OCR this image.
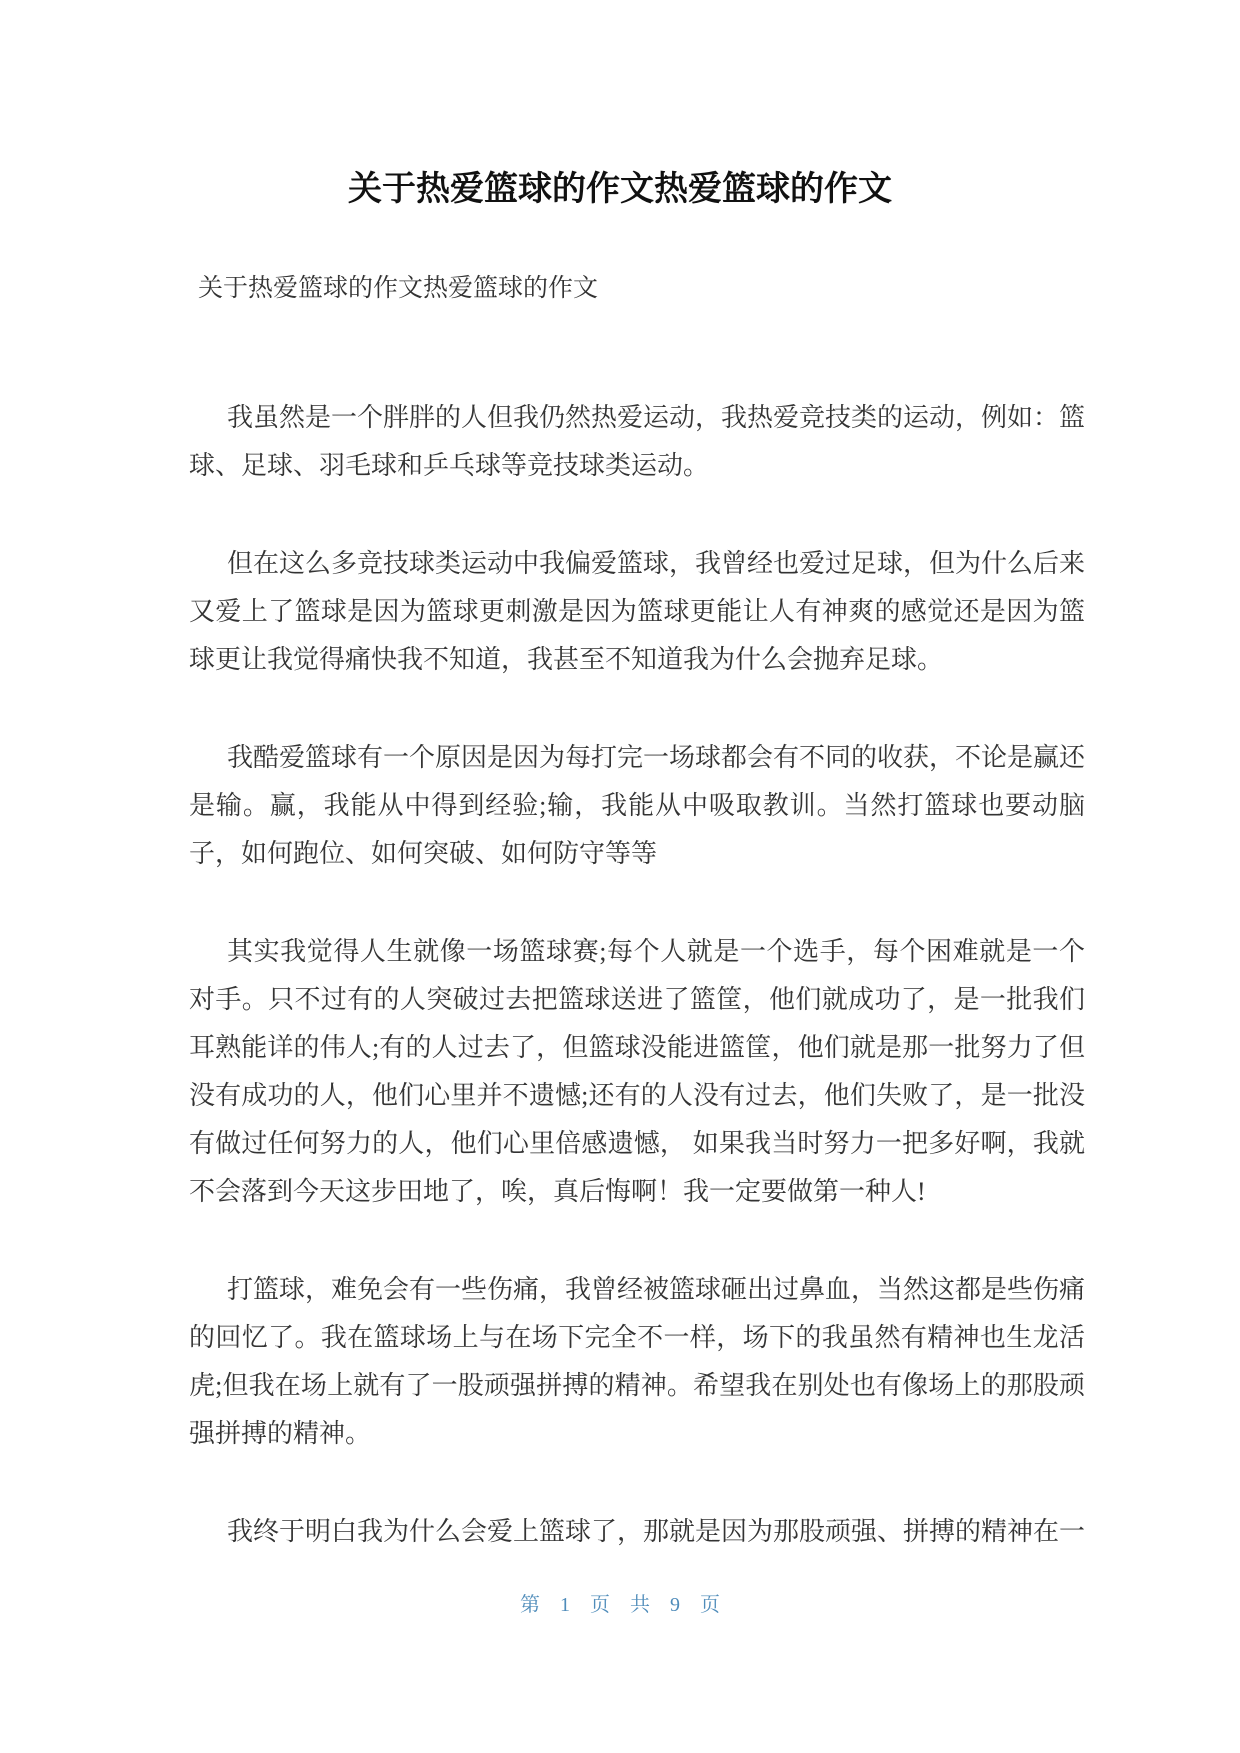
关于热爱篮球的作文热爱篮球的作文
关于热爱篮球的作文热爱篮球的作文

我虽然是一个胖胖的人但我仍然热爱运动，我热爱竞技类的运动，例如：篮球、足球、羽毛球和乒乓球等竞技球类运动。

但在这么多竞技球类运动中我偏爱篮球，我曾经也爱过足球，但为什么后来又爱上了篮球是因为篮球更刺激是因为篮球更能让人有神爽的感觉还是因为篮球更让我觉得痛快我不知道，我甚至不知道我为什么会抛弃足球。

我酷爱篮球有一个原因是因为每打完一场球都会有不同的收获，不论是赢还是输。赢，我能从中得到经验;输，我能从中吸取教训。当然打篮球也要动脑子，如何跑位、如何突破、如何防守等等

其实我觉得人生就像一场篮球赛;每个人就是一个选手，每个困难就是一个对手。只不过有的人突破过去把篮球送进了篮筐，他们就成功了，是一批我们耳熟能详的伟人;有的人过去了，但篮球没能进篮筐，他们就是那一批努力了但没有成功的人，他们心里并不遗憾;还有的人没有过去，他们失败了，是一批没有做过任何努力的人，他们心里倍感遗憾， 如果我当时努力一把多好啊，我就不会落到今天这步田地了，唉，真后悔啊！我一定要做第一种人!

打篮球，难免会有一些伤痛，我曾经被篮球砸出过鼻血，当然这都是些伤痛的回忆了。我在篮球场上与在场下完全不一样，场下的我虽然有精神也生龙活虎;但我在场上就有了一股顽强拼搏的精神。希望我在别处也有像场上的那股顽强拼搏的精神。

我终于明白我为什么会爱上篮球了，那就是因为那股顽强、拼搏的精神在一

第 1 页 共 9 页
